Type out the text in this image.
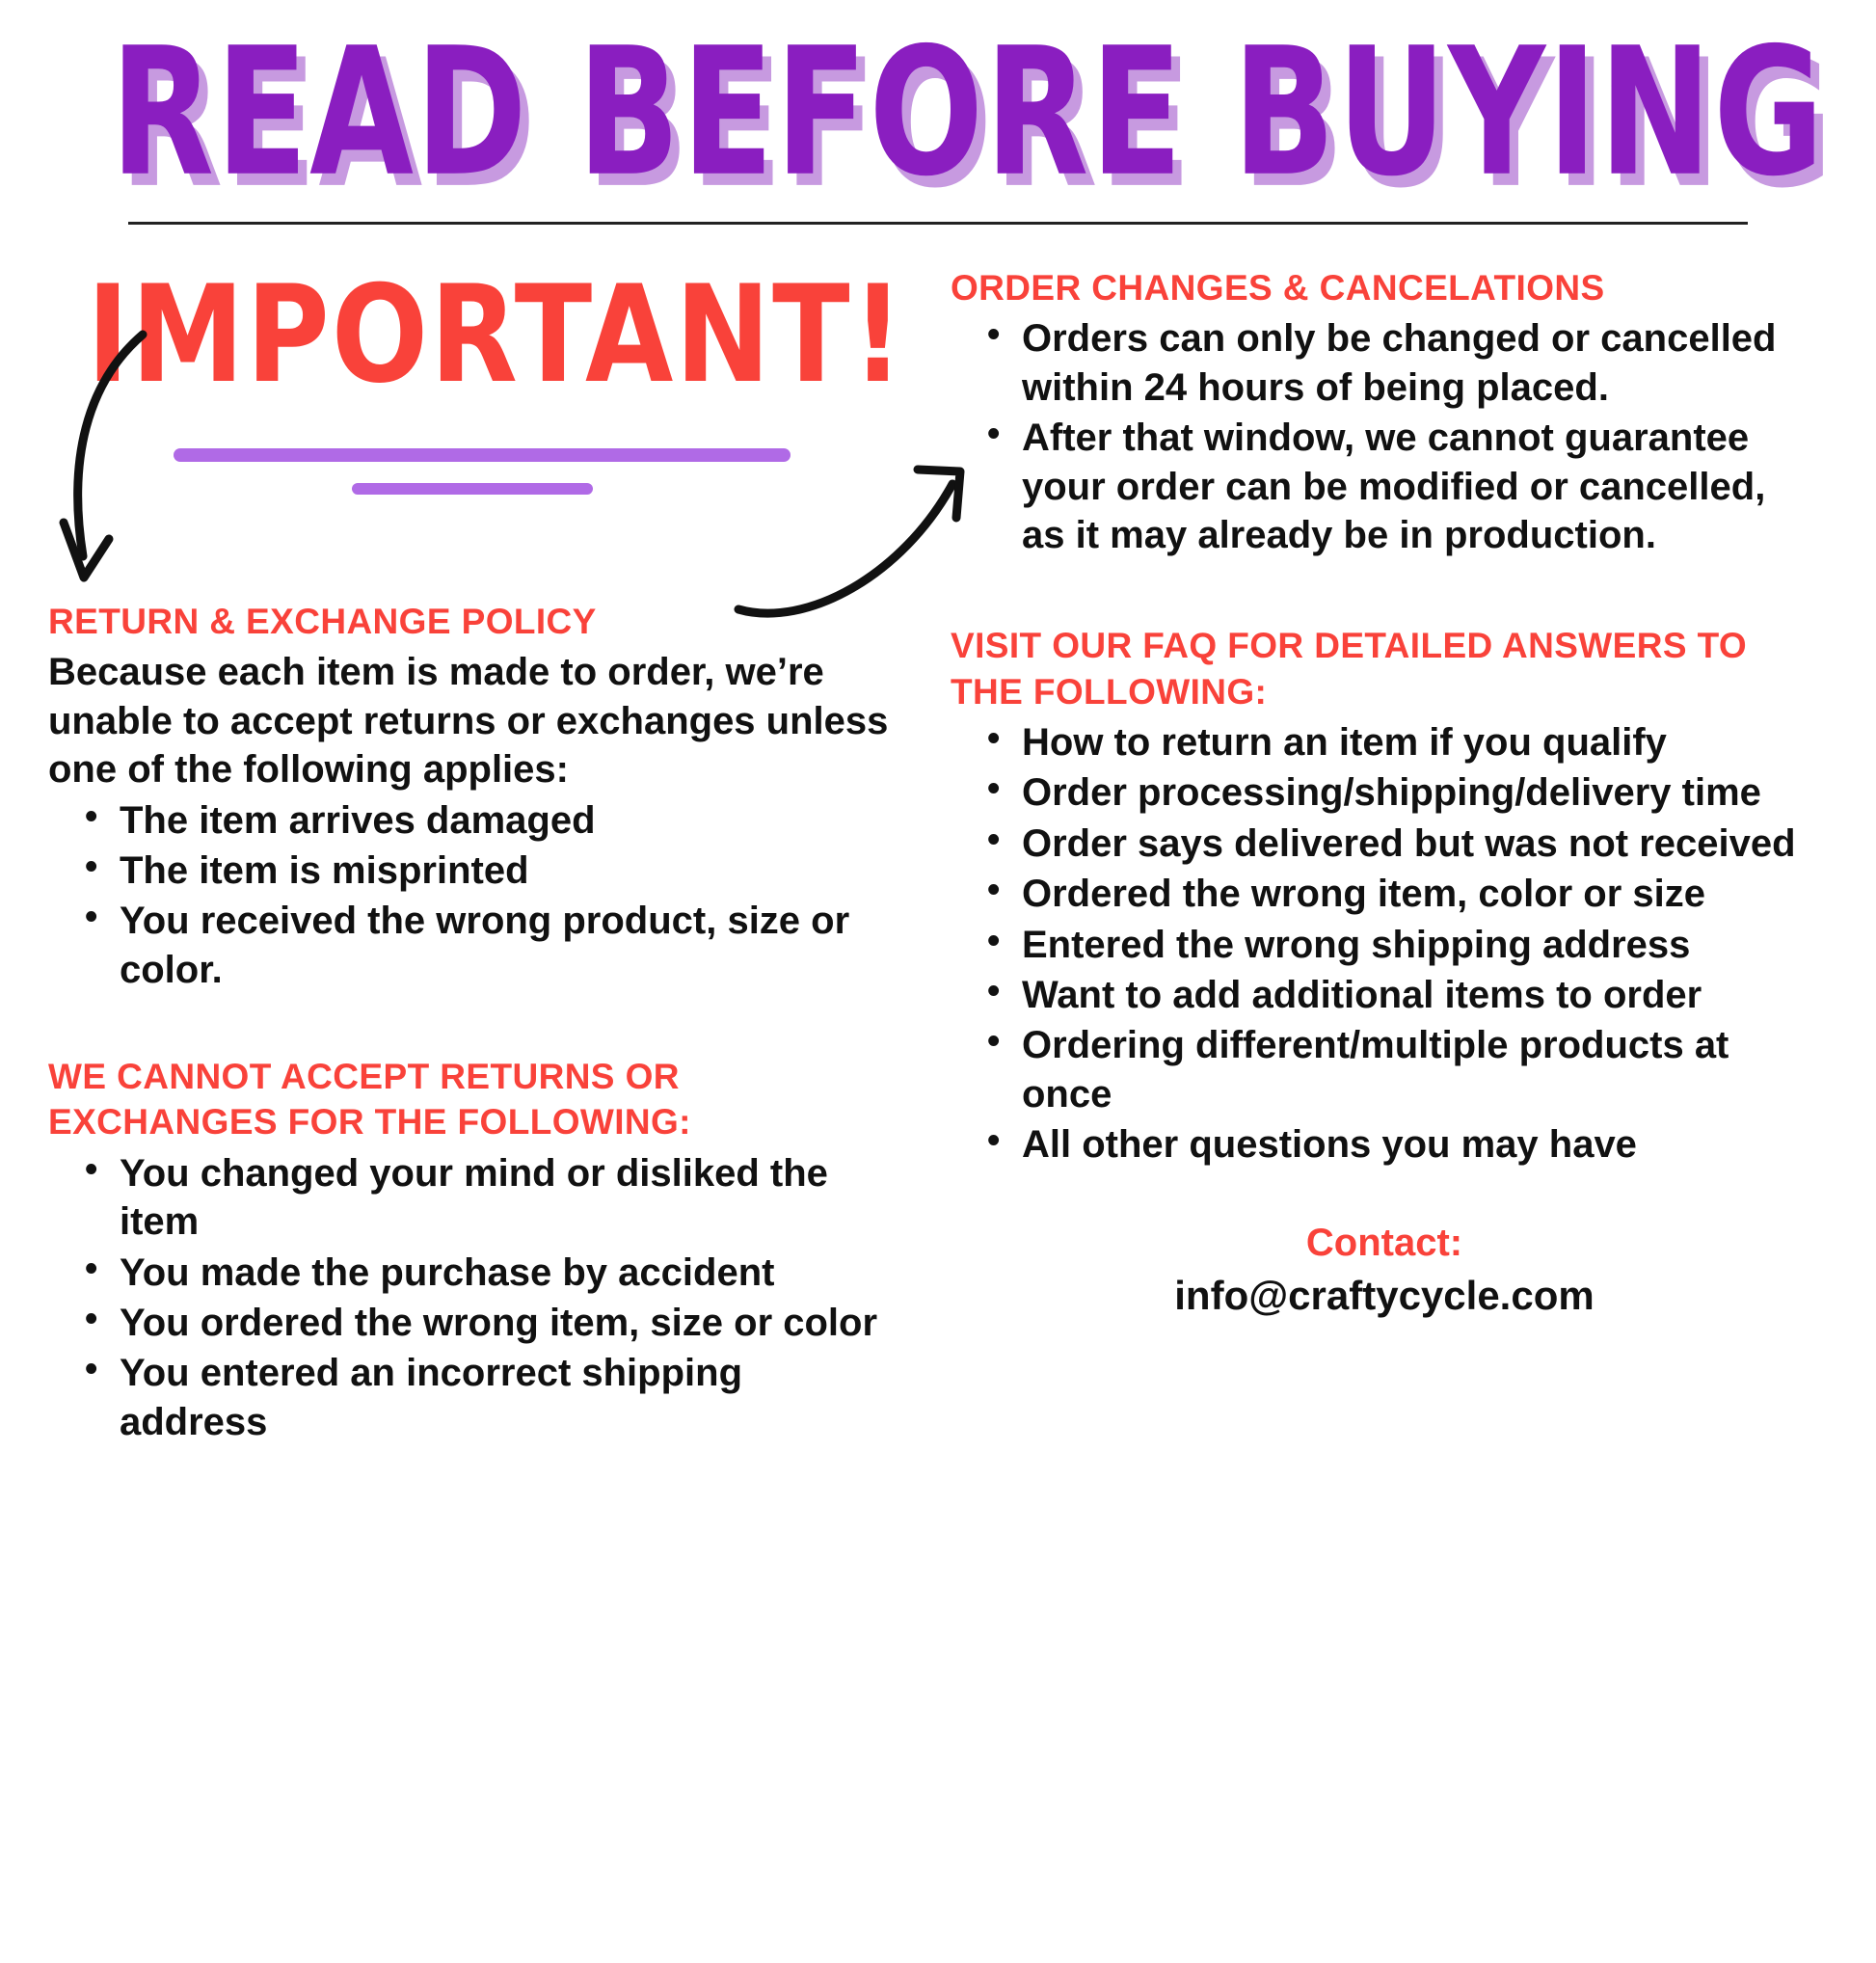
READ BEFORE BUYING
IMPORTANT!
RETURN & EXCHANGE POLICY

Because each item is made to order, we’re unable to accept returns or exchanges unless one of the following applies:

• The item arrives damaged
• The item is misprinted
• You received the wrong product, size or color.
WE CANNOT ACCEPT RETURNS OR EXCHANGES FOR THE FOLLOWING:
• You changed your mind or disliked the item
• You made the purchase by accident
• You ordered the wrong item, size or color
• You entered an incorrect shipping address
ORDER CHANGES & CANCELATIONS
• Orders can only be changed or cancelled within 24 hours of being placed.
• After that window, we cannot guarantee your order can be modified or cancelled, as it may already be in production.
VISIT OUR FAQ FOR DETAILED ANSWERS TO THE FOLLOWING:
• How to return an item if you qualify
• Order processing/shipping/delivery time
• Order says delivered but was not received
• Ordered the wrong item, color or size
• Entered the wrong shipping address
• Want to add additional items to order
• Ordering different/multiple products at once
• All other questions you may have

Contact:

info@craftycycle.com
